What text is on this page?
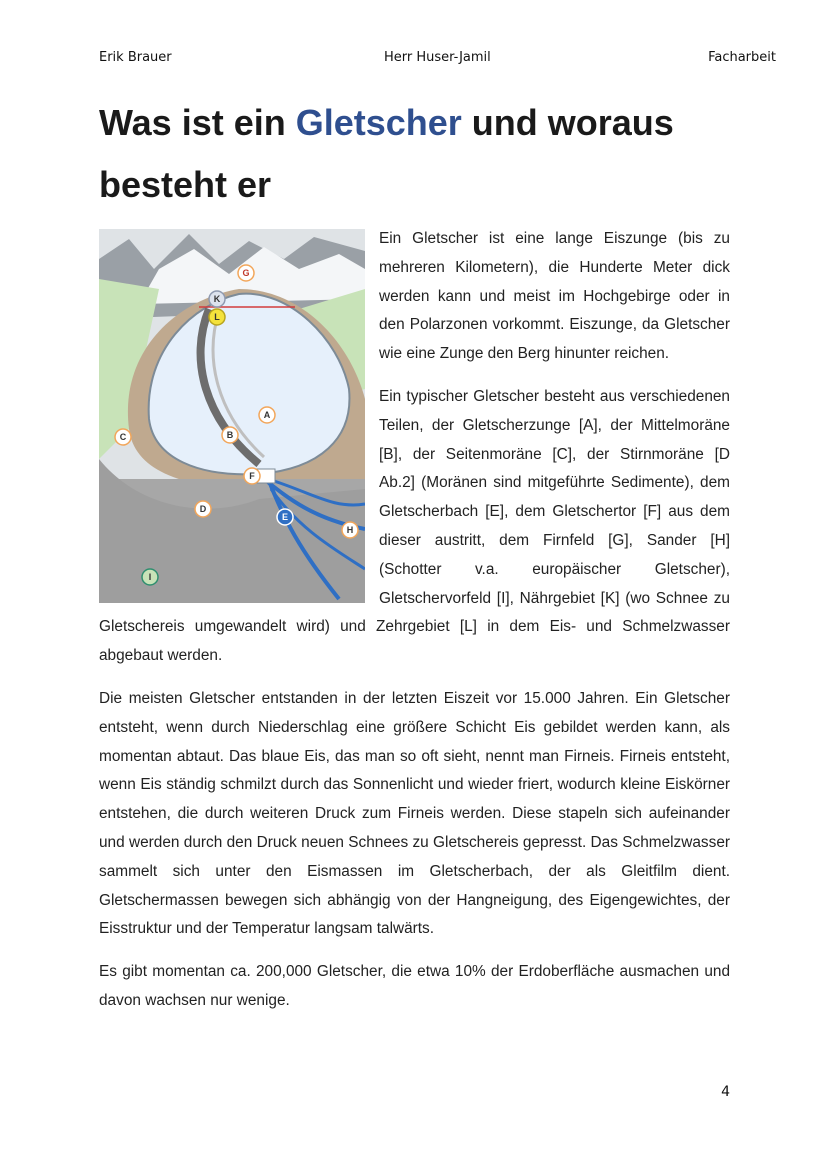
Erik Brauer	Herr Huser-Jamil	Facharbeit
Was ist ein Gletscher und woraus besteht er
G
K
L
A
B
C
F
D
E
H
I

Ein Gletscher ist eine lange Eiszunge (bis zu mehreren Kilometern), die Hunderte Meter dick werden kann und meist im Hochgebirge oder in den Polarzonen vorkommt. Eiszunge, da Gletscher wie eine Zunge den Berg hinunter reichen.

Ein typischer Gletscher besteht aus verschiedenen Teilen, der Gletscherzunge [A], der Mittelmoräne [B], der Seitenmoräne [C], der Stirnmoräne [D Ab.2] (Moränen sind mitgeführte Sedimente), dem Gletscherbach [E], dem Gletschertor [F] aus dem dieser austritt, dem Firnfeld [G], Sander [H] (Schotter v.a. europäischer Gletscher), Gletschervorfeld [I], Nährgebiet [K] (wo Schnee zu Gletschereis umgewandelt wird) und Zehrgebiet [L] in dem Eis- und Schmelzwasser abgebaut werden.

Die meisten Gletscher entstanden in der letzten Eiszeit vor 15.000 Jahren. Ein Gletscher entsteht, wenn durch Niederschlag eine größere Schicht Eis gebildet werden kann, als momentan abtaut. Das blaue Eis, das man so oft sieht, nennt man Firneis. Firneis entsteht, wenn Eis ständig schmilzt durch das Sonnenlicht und wieder friert, wodurch kleine Eiskörner entstehen, die durch weiteren Druck zum Firneis werden. Diese stapeln sich aufeinander und werden durch den Druck neuen Schnees zu Gletschereis gepresst. Das Schmelzwasser sammelt sich unter den Eismassen im Gletscherbach, der als Gleitfilm dient. Gletschermassen bewegen sich abhängig von der Hangneigung, des Eigengewichtes, der Eisstruktur und der Temperatur langsam talwärts.

Es gibt momentan ca. 200,000 Gletscher, die etwa 10% der Erdoberfläche ausmachen und davon wachsen nur wenige.

4
